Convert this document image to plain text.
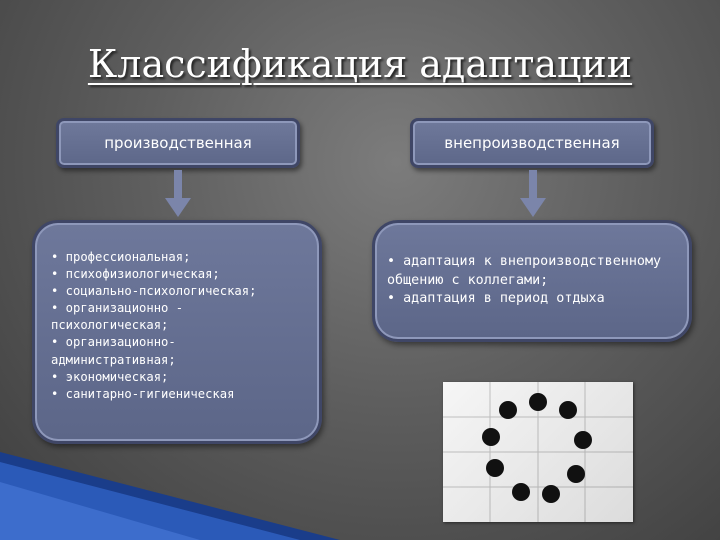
Классификация адаптации
производственная	внепроизводственная
• профессиональная;
• психофизиологическая;
• социально-психологическая;
• организационно -
психологическая;
• организационно-
административная;
• экономическая;
• санитарно-гигиеническая
• адаптация к внепроизводственному
общению с коллегами;
• адаптация в период отдыха
